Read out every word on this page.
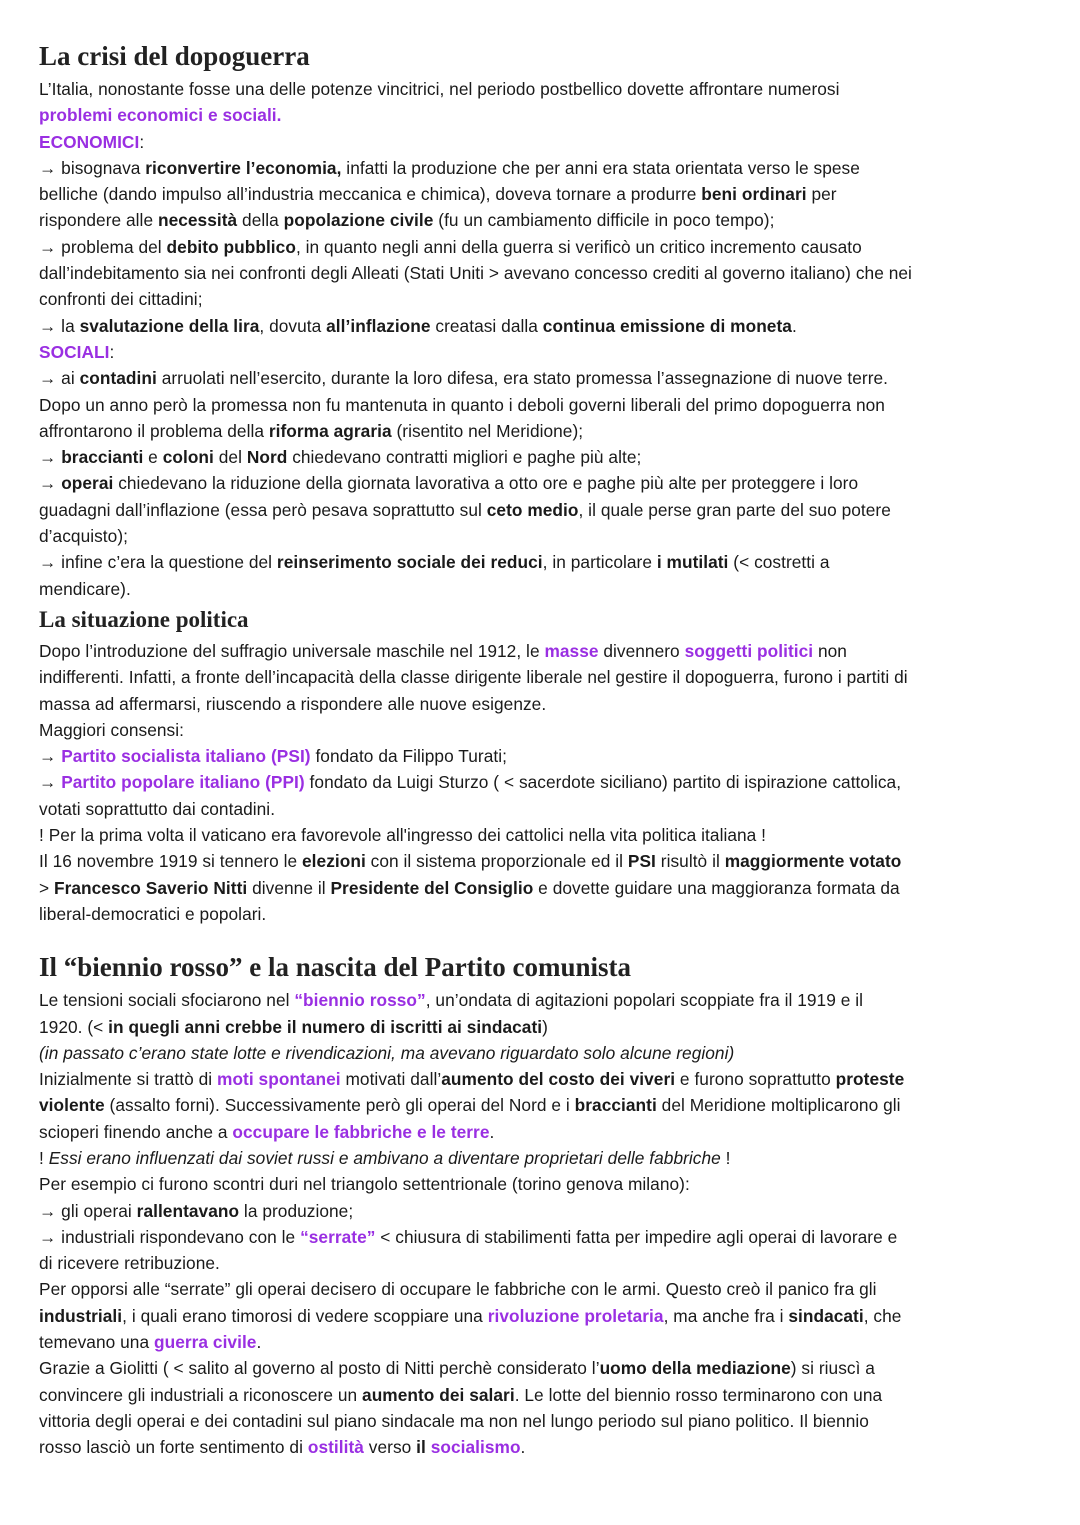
La crisi del dopoguerra

L’Italia, nonostante fosse una delle potenze vincitrici, nel periodo postbellico dovette affrontare numerosi

problemi economici e sociali.

ECONOMICI:

→ bisognava riconvertire l’economia, infatti la produzione che per anni era stata orientata verso le spese

belliche (dando impulso all’industria meccanica e chimica), doveva tornare a produrre beni ordinari per

rispondere alle necessità della popolazione civile (fu un cambiamento difficile in poco tempo);

→ problema del debito pubblico, in quanto negli anni della guerra si verificò un critico incremento causato

dall’indebitamento sia nei confronti degli Alleati (Stati Uniti > avevano concesso crediti al governo italiano) che nei

confronti dei cittadini;

→ la svalutazione della lira, dovuta all’inflazione creatasi dalla continua emissione di moneta.

SOCIALI:

→ ai contadini arruolati nell’esercito, durante la loro difesa, era stato promessa l’assegnazione di nuove terre.

Dopo un anno però la promessa non fu mantenuta in quanto i deboli governi liberali del primo dopoguerra non

affrontarono il problema della riforma agraria (risentito nel Meridione);

→ braccianti e coloni del Nord chiedevano contratti migliori e paghe più alte;

→ operai chiedevano la riduzione della giornata lavorativa a otto ore e paghe più alte per proteggere i loro

guadagni dall’inflazione (essa però pesava soprattutto sul ceto medio, il quale perse gran parte del suo potere

d’acquisto);

→ infine c’era la questione del reinserimento sociale dei reduci, in particolare i mutilati (< costretti a

mendicare).

La situazione politica

Dopo l’introduzione del suffragio universale maschile nel 1912, le masse divennero soggetti politici non

indifferenti. Infatti, a fronte dell’incapacità della classe dirigente liberale nel gestire il dopoguerra, furono i partiti di

massa ad affermarsi, riuscendo a rispondere alle nuove esigenze.

Maggiori consensi:

→ Partito socialista italiano (PSI) fondato da Filippo Turati;

→ Partito popolare italiano (PPI) fondato da Luigi Sturzo ( < sacerdote siciliano) partito di ispirazione cattolica,

votati soprattutto dai contadini.

! Per la prima volta il vaticano era favorevole all'ingresso dei cattolici nella vita politica italiana !

Il 16 novembre 1919 si tennero le elezioni con il sistema proporzionale ed il PSI risultò il maggiormente votato

> Francesco Saverio Nitti divenne il Presidente del Consiglio e dovette guidare una maggioranza formata da

liberal-democratici e popolari.

Il “biennio rosso” e la nascita del Partito comunista

Le tensioni sociali sfociarono nel “biennio rosso”, un’ondata di agitazioni popolari scoppiate fra il 1919 e il

1920. (< in quegli anni crebbe il numero di iscritti ai sindacati)

(in passato c’erano state lotte e rivendicazioni, ma avevano riguardato solo alcune regioni)

Inizialmente si trattò di moti spontanei motivati dall’aumento del costo dei viveri e furono soprattutto proteste

violente (assalto forni). Successivamente però gli operai del Nord e i braccianti del Meridione moltiplicarono gli

scioperi finendo anche a occupare le fabbriche e le terre.

! Essi erano influenzati dai soviet russi e ambivano a diventare proprietari delle fabbriche !

Per esempio ci furono scontri duri nel triangolo settentrionale (torino genova milano):

→ gli operai rallentavano la produzione;

→ industriali rispondevano con le “serrate” < chiusura di stabilimenti fatta per impedire agli operai di lavorare e

di ricevere retribuzione.

Per opporsi alle “serrate” gli operai decisero di occupare le fabbriche con le armi. Questo creò il panico fra gli

industriali, i quali erano timorosi di vedere scoppiare una rivoluzione proletaria, ma anche fra i sindacati, che

temevano una guerra civile.

Grazie a Giolitti ( < salito al governo al posto di Nitti perchè considerato l’uomo della mediazione) si riuscì a

convincere gli industriali a riconoscere un aumento dei salari. Le lotte del biennio rosso terminarono con una

vittoria degli operai e dei contadini sul piano sindacale ma non nel lungo periodo sul piano politico. Il biennio

rosso lasciò un forte sentimento di ostilità verso il socialismo.
